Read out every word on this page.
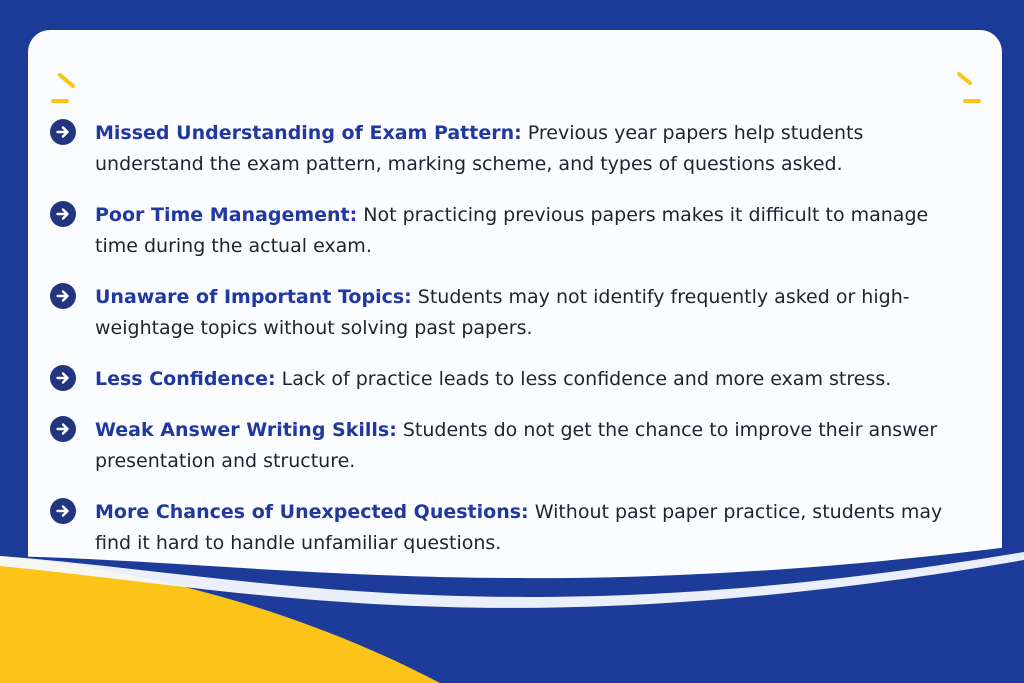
Missed Understanding of Exam Pattern: Previous year papers help students understand the exam pattern, marking scheme, and types of questions asked.
Poor Time Management: Not practicing previous papers makes it difficult to manage time during the actual exam.
Unaware of Important Topics: Students may not identify frequently asked or high-weightage topics without solving past papers.
Less Confidence: Lack of practice leads to less confidence and more exam stress.
Weak Answer Writing Skills: Students do not get the chance to improve their answer presentation and structure.
More Chances of Unexpected Questions: Without past paper practice, students may find it hard to handle unfamiliar questions.
